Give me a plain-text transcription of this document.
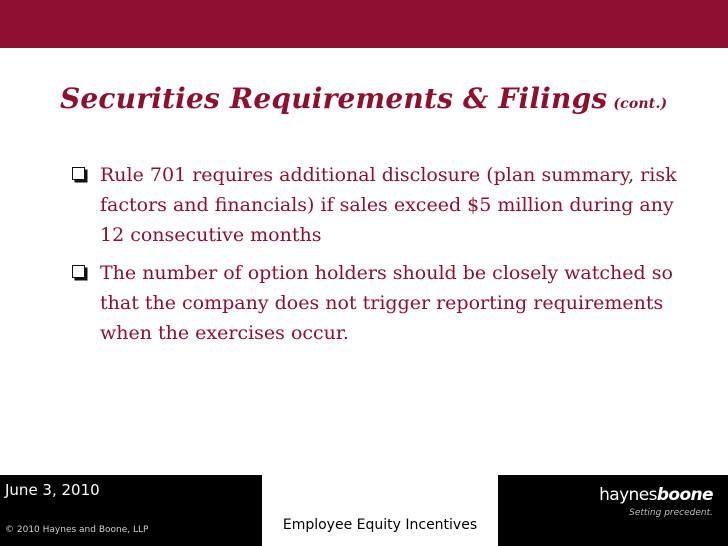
Securities Requirements & Filings (cont.)
Rule 701 requires additional disclosure (plan summary, risk factors and financials) if sales exceed $5 million during any 12 consecutive months
The number of option holders should be closely watched so that the company does not trigger reporting requirements when the exercises occur.
June 3, 2010
© 2010 Haynes and Boone, LLP	Employee Equity Incentives
haynesboone
Setting precedent.
